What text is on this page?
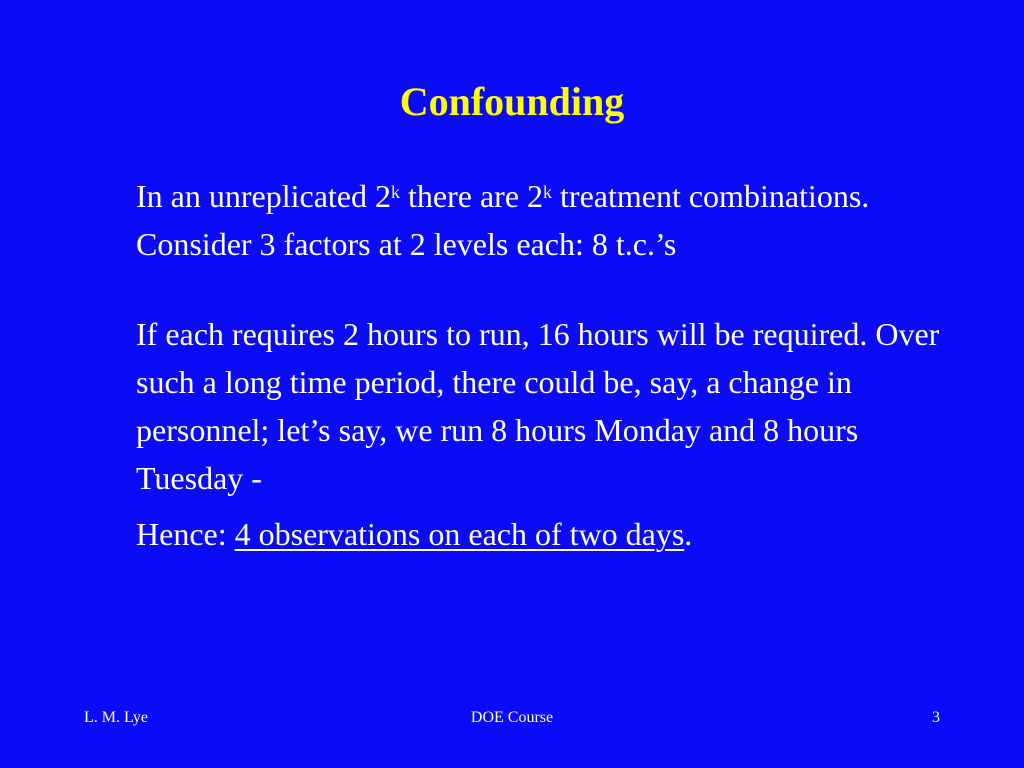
Confounding

In an unreplicated 2$^k$ there are 2$^k$ treatment combinations. Consider 3 factors at 2 levels each: 8 t.c.’s

If each requires 2 hours to run, 16 hours will be required. Over such a long time period, there could be, say, a change in personnel; let’s say, we run 8 hours Monday and 8 hours Tuesday -

Hence: 4 observations on each of two days.

L. M. Lye	DOE Course	3
